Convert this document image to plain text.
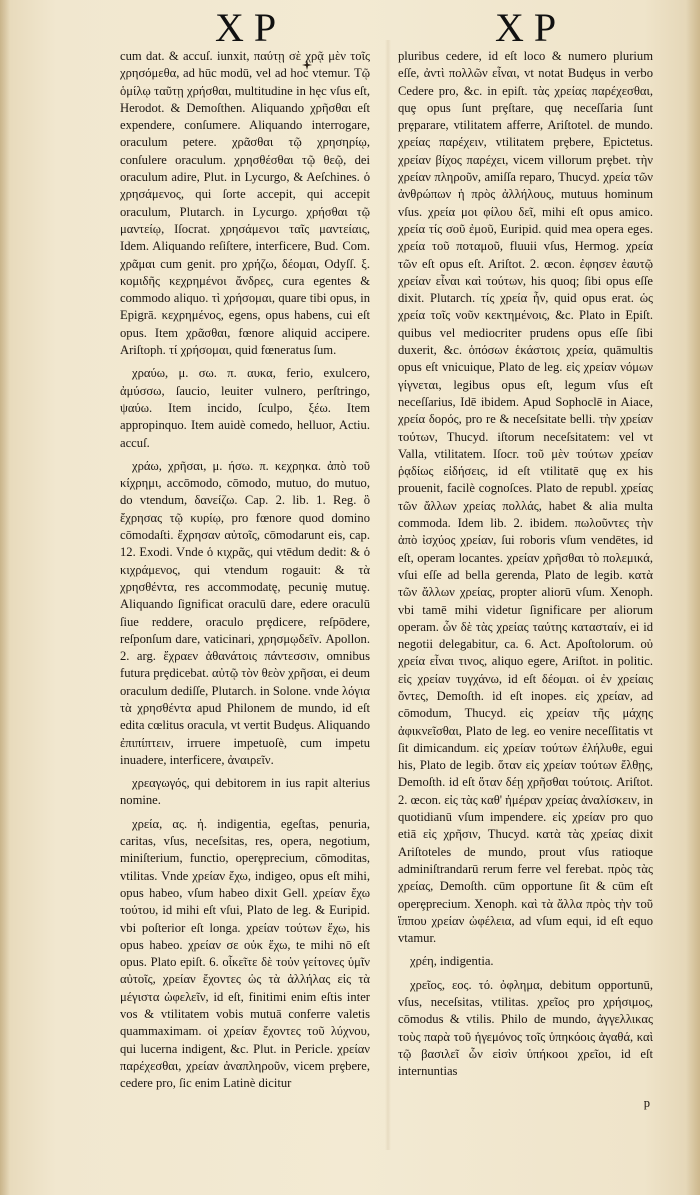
XP	XP

cum dat. & accuſ. iunxit, παύτῃ σὲ χρᾷ μὲν τοῖς χρησόμεθα, ad hūc modū, vel ad hoc vtemur. Τῷ ὁμίλῳ ταῦτῃ χρήσθαι, multitudine in hęc vſus eſt, Herodot. & Demoſthen. Aliquando χρῆσθαι eſt expendere, conſumere. Aliquando interrogare, oraculum petere. χρᾶσθαι τῷ χρησηρίῳ, conſulere oraculum. χρησθέσθαι τῷ θεῷ, dei oraculum adire, Plut. in Lycurgo, & Aeſchines. ὁ χρησάμενος, qui ſorte accepit, qui accepit oraculum, Plutarch. in Lycurgo. χρήσθαι τῷ μαντείῳ, Iſocrat. χρησάμενοι ταῖς μαντείαις, Idem. Aliquando reſiſtere, interficere, Bud. Com. χρᾶμαι cum genit. pro χρήζω, δέομαι, Odyſſ. ξ. κομιδῆς κεχρημένοι ἄνδρες, cura egentes & commodo aliquo. τὶ χρήσομαι, quare tibi opus, in Epigrā. κεχρημένος, egens, opus habens, cui eſt opus. Item χρᾶσθαι, fœnore aliquid accipere. Ariſtoph. τί χρήσομαι, quid fœneratus ſum.

χραύω, μ. σω. π. αυκα, ferio, exulcero, ἀμύσσω, ſaucio, leuiter vulnero, perſtringo, ψαύω. Item incido, ſculpo, ξέω. Item appropinquo. Item auidè comedo, helluor, Actiu. accuſ.

χράω, χρῆσαι, μ. ήσω. π. κεχρηκα. ἀπὸ τοῦ κίχρημι, accōmodo, cōmodo, mutuo, do mutuo, do vtendum, δανείζω. Cap. 2. lib. 1. Reg. ὃ ἔχρησας τῷ κυρίῳ, pro fœnore quod domino cōmodaſti. ἔχρησαν αὐτοῖς, cōmodarunt eis, cap. 12. Exodi. Vnde ὁ κιχρᾶς, qui vtēdum dedit: & ὁ κιχράμενος, qui vtendum rogauit: & τὰ χρησθέντα, res accommodatę, pecuniȩ mutuȩ. Aliquando ſignificat oraculū dare, edere oraculū ſiue reddere, oraculo prȩdicere, reſpōdere, reſponſum dare, vaticinari, χρησμῳδεῖν. Apollon. 2. arg. ἔχραεν ἀθανάτοις πάντεσσιν, omnibus futura prȩdicebat. αὐτῷ τὸν θεὸν χρῆσαι, ei deum oraculum dediſſe, Plutarch. in Solone. vnde λόγια τὰ χρησθέντα apud Philonem de mundo, id eſt edita cœlitus oracula, vt vertit Budȩus. Aliquando ἐπιπίπτειν, irruere impetuoſè, cum impetu inuadere, interficere, ἀναιρεῖν.

χρεαγωγός, qui debitorem in ius rapit alterius nomine.

χρεία, ας. ἡ. indigentia, egeſtas, penuria, caritas, vſus, neceſsitas, res, opera, negotium, miniſterium, functio, operȩprecium, cōmoditas, vtilitas. Vnde χρείαν ἔχω, indigeo, opus eſt mihi, opus habeo, vſum habeo dixit Gell. χρείαν ἔχω τούτου, id mihi eſt vſui, Plato de leg. & Euripid. vbi poſterior eſt longa. χρείαν τούτων ἔχω, his opus habeo. χρείαν σε οὐκ ἔχω, te mihi nō eſt opus. Plato epiſt. 6. οἷκεῖτε δὲ τοὐν γείτονες ὑμῖν αὐτοῖς, χρείαν ἔχοντες ὡς τὰ ἀλλήλας εἰς τὰ μέγιστα ὠφελεῖν, id eſt, finitimi enim eſtis inter vos & vtilitatem vobis mutuā conferre valetis quammaximam. οἱ χρείαν ἔχοντες τοῦ λύχνου, qui lucerna indigent, &c. Plut. in Pericle. χρείαν παρέχεσθαι, χρείαν ἀναπληροῦν, vicem prȩbere, cedere pro, ſic enim Latinè dicitur

pluribus cedere, id eſt loco & numero plurium eſſe, ἀντὶ πολλῶν εἶναι, vt notat Budȩus in verbo Cedere pro, &c. in epiſt. τὰς χρείας παρέχεσθαι, quȩ opus ſunt prȩſtare, quȩ neceſſaria ſunt prȩparare, vtilitatem afferre, Ariſtotel. de mundo. χρείας παρέχειν, vtilitatem prȩbere, Epictetus. χρείαν βίχος παρέχει, vicem villorum prȩbet. τὴν χρείαν πληροῦν, amiſſa reparo, Thucyd. χρεία τῶν ἀνθρώπων ἡ πρὸς ἀλλήλους, mutuus hominum vſus. χρεία μοι φίλου δεῖ, mihi eſt opus amico. χρεία τίς σοῦ ἐμοῦ, Euripid. quid mea opera eges. χρεία τοῦ ποταμοῦ, fluuii vſus, Hermog. χρεία τῶν eſt opus eſt. Ariſtot. 2. œcon. ἐφησεν ἑαυτῷ χρείαν εἶναι καὶ τούτων, his quoq; ſibi opus eſſe dixit. Plutarch. τίς χρεία ἦν, quid opus erat. ὡς χρεία τοῖς νοῦν κεκτημένοις, &c. Plato in Epiſt. quibus vel mediocriter prudens opus eſſe ſibi duxerit, &c. ὁπόσων ἑκάστοις χρεία, quāmultis opus eſt vnicuique, Plato de leg. εἰς χρείαν νόμων γίγνεται, legibus opus eſt, legum vſus eſt neceſſarius, Idē ibidem. Apud Sophoclē in Aiace, χρεία δορός, pro re & neceſsitate belli. τὴν χρείαν τούτων, Thucyd. iſtorum neceſsitatem: vel vt Valla, vtilitatem. Iſocr. τοῦ μὲν τούτων χρείαν ῥᾳδίως εἰδήσεις, id eſt vtilitatē quȩ ex his prouenit, facilè cognoſces. Plato de republ. χρείας τῶν ἄλλων χρείας πολλάς, habet & alia multa commoda. Idem lib. 2. ibidem. πωλοῦντες τὴν ἀπὸ ἰσχύος χρείαν, ſui roboris vſum vendētes, id eſt, operam locantes. χρείαν χρῆσθαι τὸ πολεμικά, vſui eſſe ad bella gerenda, Plato de legib. κατὰ τῶν ἄλλων χρείας, propter aliorū vſum. Xenoph. vbi tamē mihi videtur ſignificare per aliorum operam. ὧν δὲ τὰς χρείας ταύτης κατασταίν, ei id negotii delegabitur, ca. 6. Act. Apoſtolorum. οὐ χρεία εἶναι τινος, aliquo egere, Ariſtot. in politic. εἰς χρείαν τυγχάνω, id eſt δέομαι. οἱ ἐν χρείαις ὄντες, Demoſth. id eſt inopes. εἰς χρείαν, ad cōmodum, Thucyd. εἰς χρείαν τῆς μάχης ἀφικνεῖσθαι, Plato de leg. eo venire neceſſitatis vt ſit dimicandum. εἰς χρείαν τούτων ἐλήλυθε, egui his, Plato de legib. ὅταν εἰς χρείαν τούτων ἔλθῃς, Demoſth. id eſt ὅταν δέῃ χρῆσθαι τούτοις. Ariſtot. 2. œcon. εἰς τὰς καθ' ἡμέραν χρείας ἀναλίσκειν, in quotidianū vſum impendere. εἰς χρείαν pro quo etiā εἰς χρῆσιν, Thucyd. κατὰ τὰς χρείας dixit Ariſtoteles de mundo, prout vſus ratioque adminiſtrandarū rerum ferre vel ferebat. πρὸς τὰς χρείας, Demoſth. cūm opportune ſit & cūm eſt operȩprecium. Xenoph. καὶ τὰ ἄλλα πρὸς τὴν τοῦ ἵππου χρείαν ὠφέλεια, ad vſum equi, id eſt equo vtamur.

χρέη, indigentia.

χρεῖος, εος. τό. ὀφλημα, debitum opportunū, vſus, neceſsitas, vtilitas. χρεῖος pro χρήσιμος, cōmodus & vtilis. Philo de mundo, ἀγγελλικας τοὺς παρὰ τοῦ ἡγεμόνος τοῖς ὑπηκόοις ἀγαθά, καὶ τῷ βασιλεῖ ὧν εἰσὶν ὑπήκοοι χρεῖοι, id eſt internuntias

p
